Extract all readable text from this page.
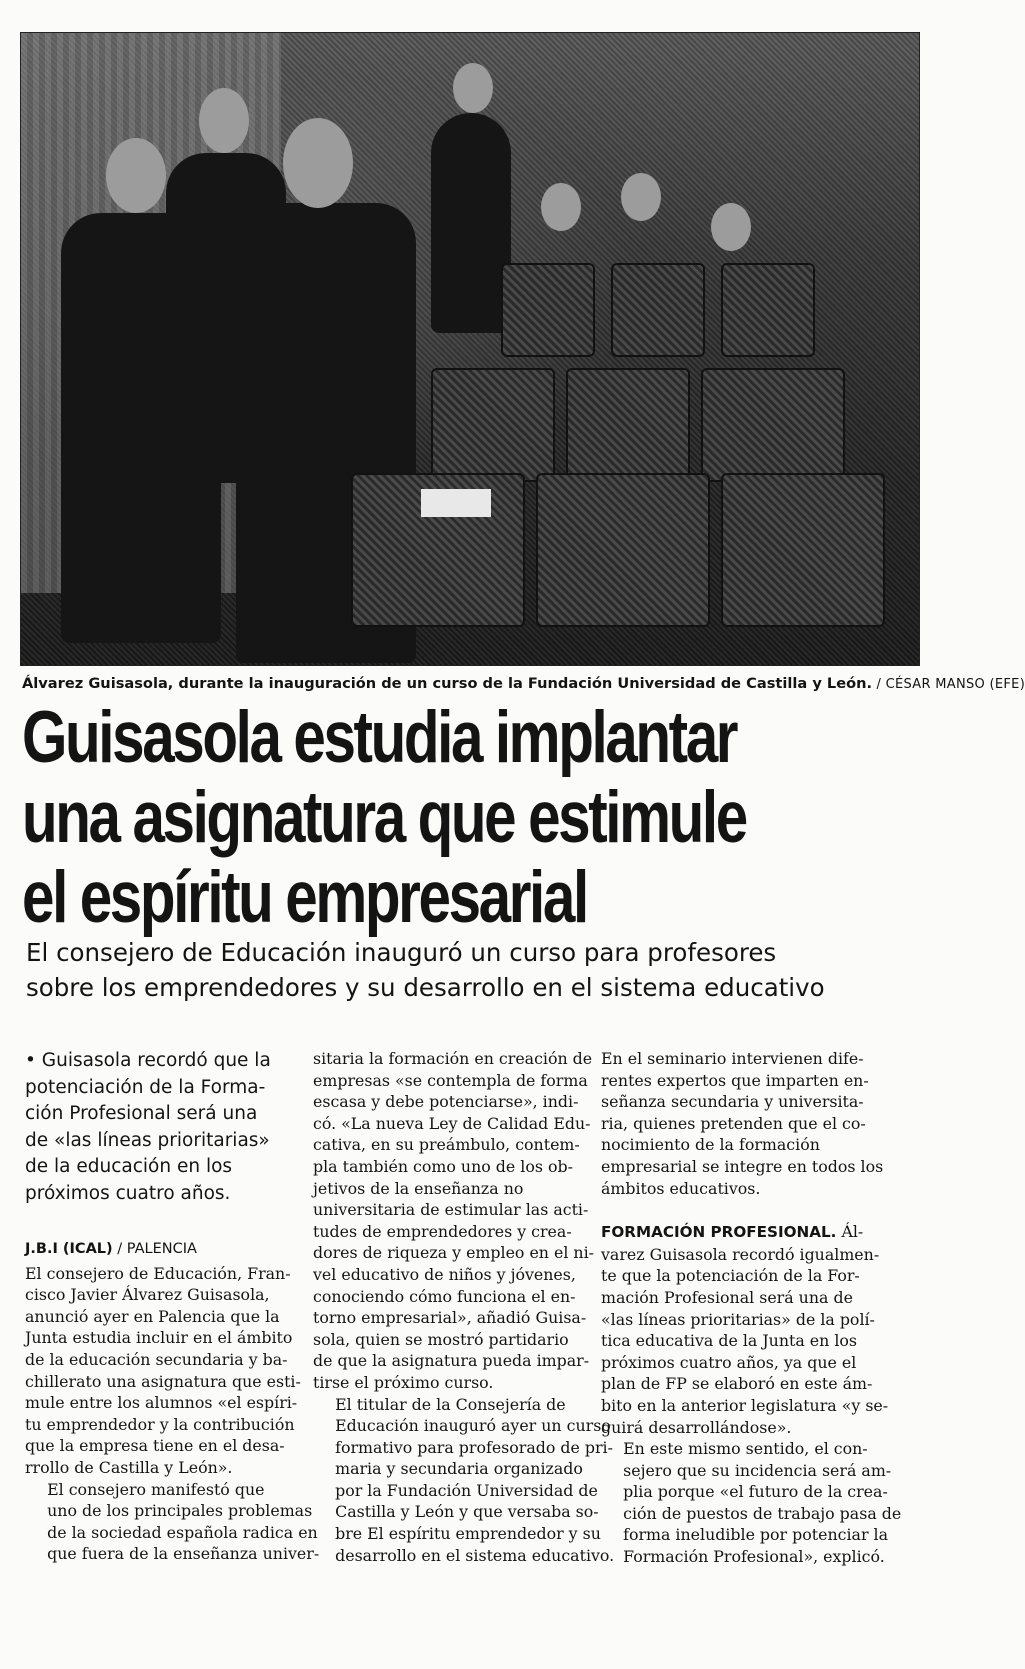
Álvarez Guisasola, durante la inauguración de un curso de la Fundación Universidad de Castilla y León. / CÉSAR MANSO (EFE)
Guisasola estudia implantar
una asignatura que estimule
el espíritu empresarial
El consejero de Educación inauguró un curso para profesores
sobre los emprendedores y su desarrollo en el sistema educativo
• Guisasola recordó que la
potenciación de la Forma-
ción Profesional será una
de «las líneas prioritarias»
de la educación en los
próximos cuatro años.
J.B.I (ICAL) / PALENCIA

El consejero de Educación, Fran-
cisco Javier Álvarez Guisasola,
anunció ayer en Palencia que la
Junta estudia incluir en el ámbito
de la educación secundaria y ba-
chillerato una asignatura que esti-
mule entre los alumnos «el espíri-
tu emprendedor y la contribución
que la empresa tiene en el desa-
rrollo de Castilla y León».

El consejero manifestó que
uno de los principales problemas
de la sociedad española radica en
que fuera de la enseñanza univer-

sitaria la formación en creación de
empresas «se contempla de forma
escasa y debe potenciarse», indi-
có. «La nueva Ley de Calidad Edu-
cativa, en su preámbulo, contem-
pla también como uno de los ob-
jetivos de la enseñanza no
universitaria de estimular las acti-
tudes de emprendedores y crea-
dores de riqueza y empleo en el ni-
vel educativo de niños y jóvenes,
conociendo cómo funciona el en-
torno empresarial», añadió Guisa-
sola, quien se mostró partidario
de que la asignatura pueda impar-
tirse el próximo curso.

El titular de la Consejería de
Educación inauguró ayer un curso
formativo para profesorado de pri-
maria y secundaria organizado
por la Fundación Universidad de
Castilla y León y que versaba so-
bre El espíritu emprendedor y su
desarrollo en el sistema educativo.

En el seminario intervienen dife-
rentes expertos que imparten en-
señanza secundaria y universita-
ria, quienes pretenden que el co-
nocimiento de la formación
empresarial se integre en todos los
ámbitos educativos.

FORMACIÓN PROFESIONAL. Ál-
varez Guisasola recordó igualmen-
te que la potenciación de la For-
mación Profesional será una de
«las líneas prioritarias» de la polí-
tica educativa de la Junta en los
próximos cuatro años, ya que el
plan de FP se elaboró en este ám-
bito en la anterior legislatura «y se-
guirá desarrollándose».

En este mismo sentido, el con-
sejero que su incidencia será am-
plia porque «el futuro de la crea-
ción de puestos de trabajo pasa de
forma ineludible por potenciar la
Formación Profesional», explicó.
